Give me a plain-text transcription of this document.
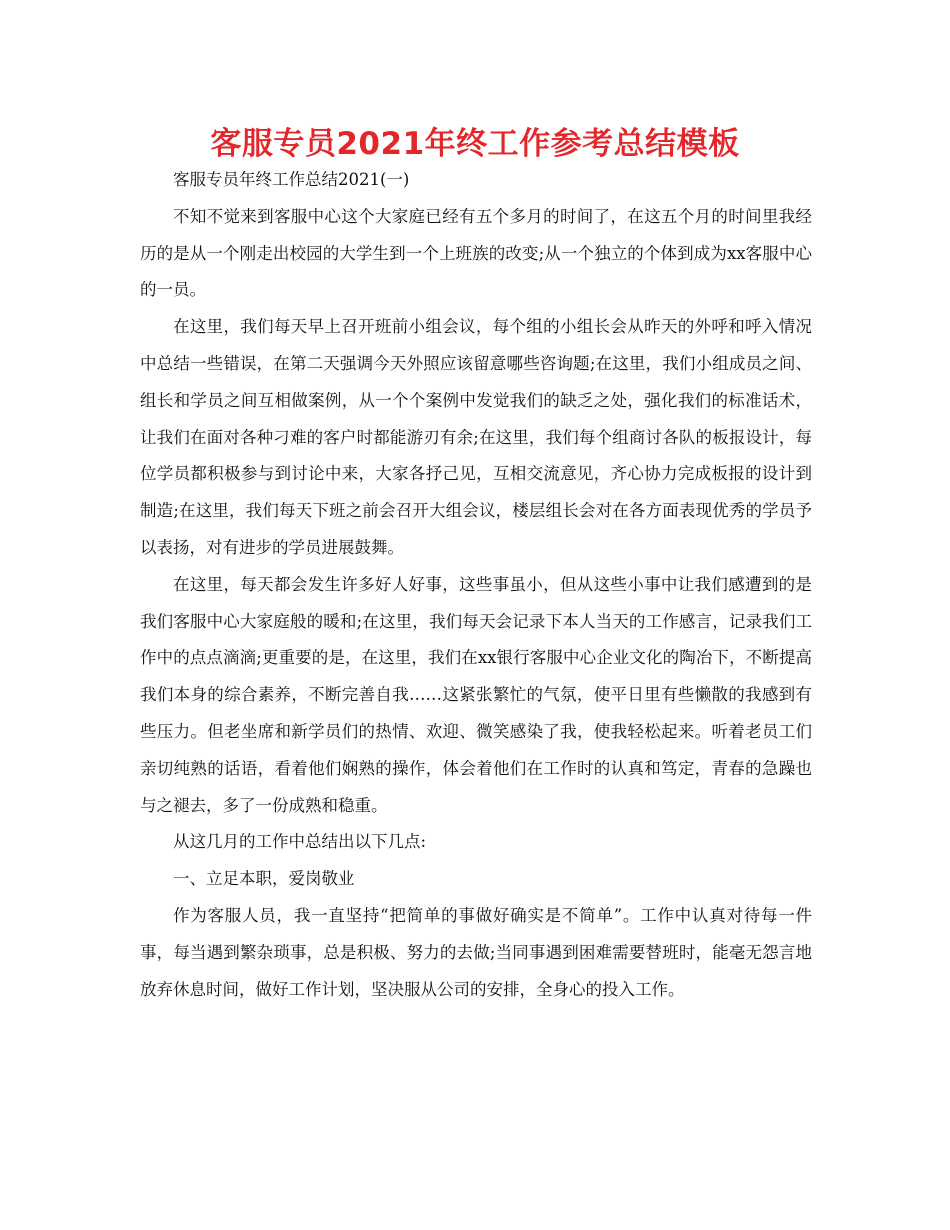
客服专员2021年终工作参考总结模板

客服专员年终工作总结2021(一)

不知不觉来到客服中心这个大家庭已经有五个多月的时间了，在这五个月的时间里我经历的是从一个刚走出校园的大学生到一个上班族的改变;从一个独立的个体到成为xx客服中心的一员。

在这里，我们每天早上召开班前小组会议，每个组的小组长会从昨天的外呼和呼入情况中总结一些错误，在第二天强调今天外照应该留意哪些咨询题;在这里，我们小组成员之间、组长和学员之间互相做案例，从一个个案例中发觉我们的缺乏之处，强化我们的标准话术，让我们在面对各种刁难的客户时都能游刃有余;在这里，我们每个组商讨各队的板报设计，每位学员都积极参与到讨论中来，大家各抒己见，互相交流意见，齐心协力完成板报的设计到制造;在这里，我们每天下班之前会召开大组会议，楼层组长会对在各方面表现优秀的学员予以表扬，对有进步的学员进展鼓舞。

在这里，每天都会发生许多好人好事，这些事虽小，但从这些小事中让我们感遭到的是我们客服中心大家庭般的暖和;在这里，我们每天会记录下本人当天的工作感言，记录我们工作中的点点滴滴;更重要的是，在这里，我们在xx银行客服中心企业文化的陶冶下，不断提高我们本身的综合素养，不断完善自我……这紧张繁忙的气氛，使平日里有些懒散的我感到有些压力。但老坐席和新学员们的热情、欢迎、微笑感染了我，使我轻松起来。听着老员工们亲切纯熟的话语，看着他们娴熟的操作，体会着他们在工作时的认真和笃定，青春的急躁也与之褪去，多了一份成熟和稳重。

从这几月的工作中总结出以下几点:

一、立足本职，爱岗敬业

作为客服人员，我一直坚持“把简单的事做好确实是不简单”。工作中认真对待每一件事，每当遇到繁杂琐事，总是积极、努力的去做;当同事遇到困难需要替班时，能毫无怨言地放弃休息时间，做好工作计划，坚决服从公司的安排，全身心的投入工作。
